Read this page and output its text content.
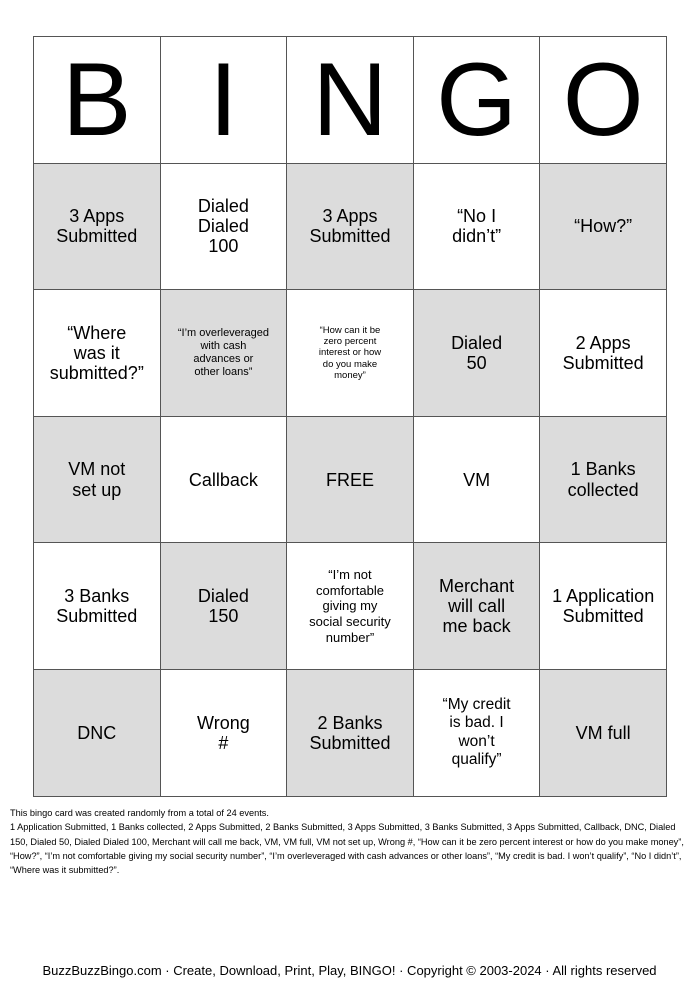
B I N G O
3 Apps
Submitted
Dialed
Dialed
100
3 Apps
Submitted
“No I
didn’t”
“How?”
“Where
was it
submitted?”
“I’m overleveraged
with cash
advances or
other loans”
“How can it be
zero percent
interest or how
do you make
money”
Dialed
50
2 Apps
Submitted
VM not
set up
Callback	FREE	VM
1 Banks
collected
3 Banks
Submitted
Dialed
150
“I’m not
comfortable
giving my
social security
number”
Merchant
will call
me back
1 Application
Submitted
DNC
Wrong
#
2 Banks
Submitted
“My credit
is bad. I
won’t
qualify”
VM full
This bingo card was created randomly from a total of 24 events.
1 Application Submitted, 1 Banks collected, 2 Apps Submitted, 2 Banks Submitted, 3 Apps Submitted, 3 Banks Submitted, 3 Apps Submitted, Callback, DNC, Dialed 150, Dialed 50, Dialed Dialed 100, Merchant will call me back, VM, VM full, VM not set up, Wrong #, “How can it be zero percent interest or how do you make money”, “How?”, “I’m not comfortable giving my social security number”, “I’m overleveraged with cash advances or other loans”, “My credit is bad. I won’t qualify”, “No I didn’t”, “Where was it submitted?”.
BuzzBuzzBingo.com · Create, Download, Print, Play, BINGO! · Copyright © 2003-2024 · All rights reserved
